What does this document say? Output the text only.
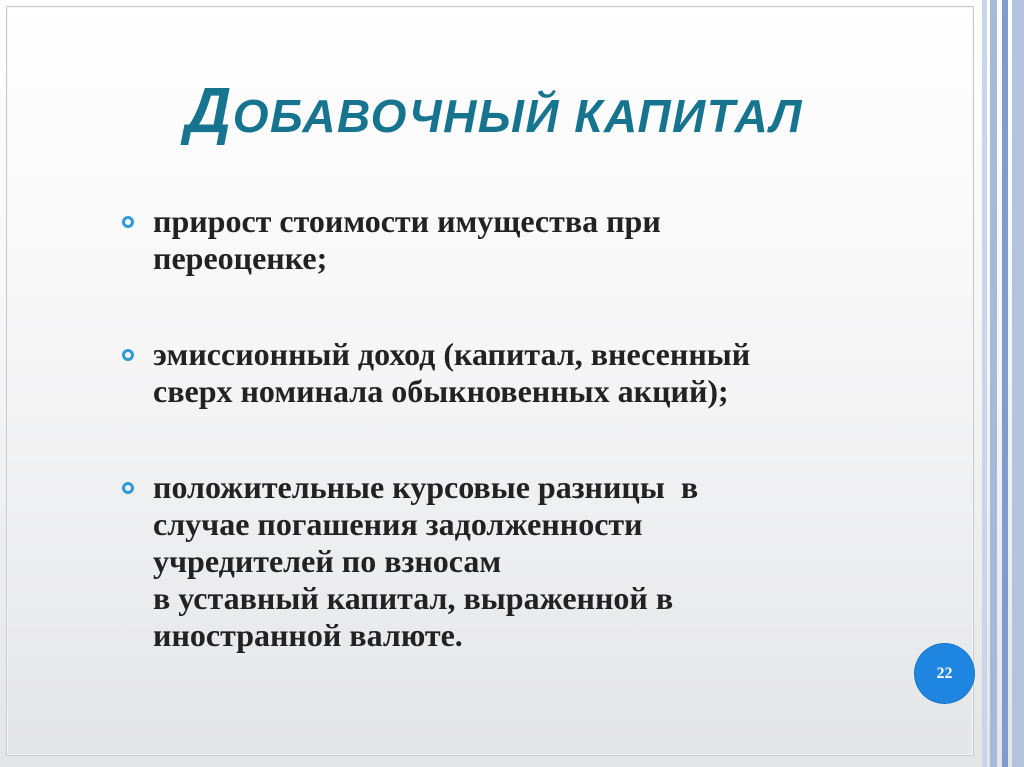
ДОБАВОЧНЫЙ КАПИТАЛ
прирост стоимости имущества при
переоценке;
эмиссионный доход (капитал, внесенный
сверх номинала обыкновенных акций);
положительные курсовые разницы  в
случае погашения задолженности
учредителей по взносам
в уставный капитал, выраженной в
иностранной валюте.
22
